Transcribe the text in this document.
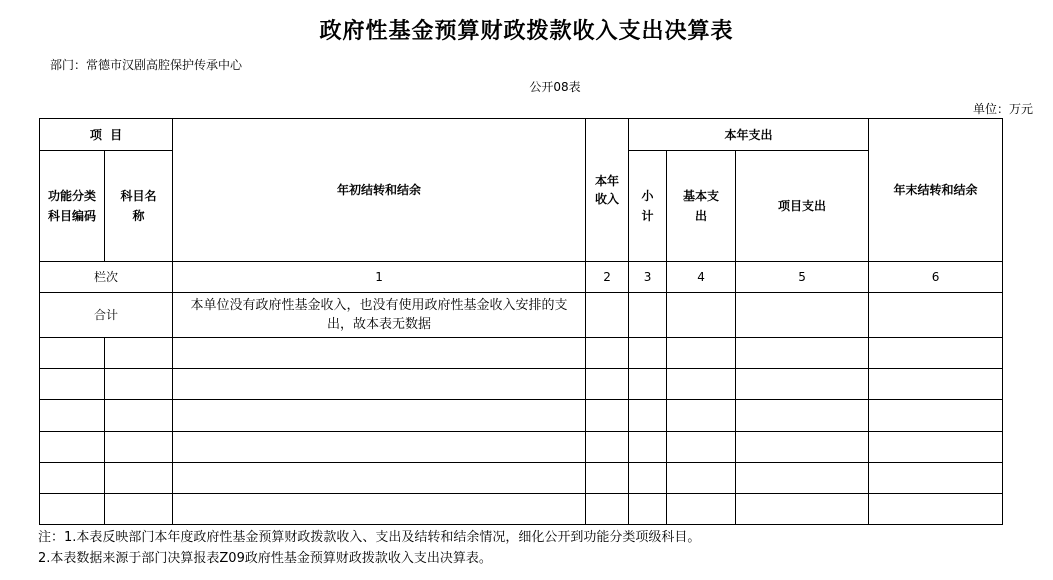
政府性基金预算财政拨款收入支出决算表
部门：常德市汉剧高腔保护传承中心
公开08表
单位：万元
项  目		年初结转和结余	本年收入	本年支出			年末结转和结余
功能分类科目编码	科目名称			小计	基本支出	项目支出	
栏次		1	2	3	4	5	6
合计		本单位没有政府性基金收入，也没有使用政府性基金收入安排的支出，故本表无数据					

注：1.本表反映部门本年度政府性基金预算财政拨款收入、支出及结转和结余情况，细化公开到功能分类项级科目。
2.本表数据来源于部门决算报表Z09政府性基金预算财政拨款收入支出决算表。
